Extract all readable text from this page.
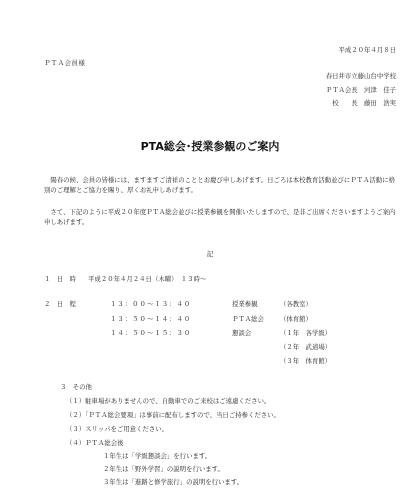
平成２０年４月８日
ＰＴＡ会員様
春日井市立藤山台中学校
ＰＴＡ会長　河津　佳子
校　　長　藤田　浩実
PTA総会･授業参観のご案内
　陽春の候、会員の皆様には、ますますご清祥のこととお慶び申しあげます。日ごろは本校教育活動並びにＰＴＡ活動に格別のご理解とご協力を賜り、厚くお礼申しあげます。
　さて、下記のように平成２０年度ＰＴＡ総会並びに授業参観を開催いたしますので、是非ご出席くださいますようご案内申しあげます。
記
１　日　時 平成２０年４月２４日（木曜）　１３時～
２　日　程	１３：００～１３：４０	授業参観	（各教室）
１３：５０～１４：４０	ＰＴＡ総会	（体育館）
１４：５０～１５：３０	懇談会	（１年　各学級）
（２年　武道場）
（３年　体育館）
３　その他
（１）駐車場がありませんので、自動車でのご来校はご遠慮ください。
（２）「ＰＴＡ総会要項」は事前に配布しますので、当日ご持参ください。
（３）スリッパをご用意ください。
（４）ＰＴＡ総会後
１年生は「学級懇談会」を行います。
２年生は「野外学習」の説明を行います。
３年生は「進路と修学旅行」の説明を行います。
